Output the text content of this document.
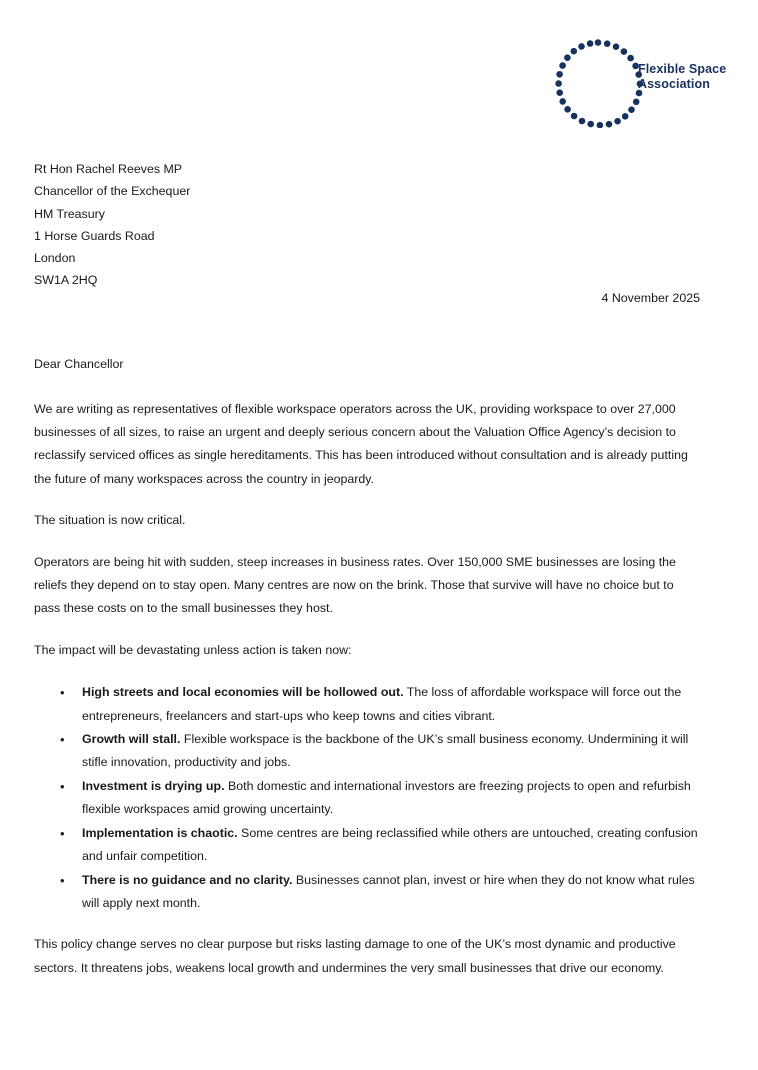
Flexible Space
Association
Rt Hon Rachel Reeves MP
Chancellor of the Exchequer
HM Treasury
1 Horse Guards Road
London
SW1A 2HQ
4 November 2025
Dear Chancellor

We are writing as representatives of flexible workspace operators across the UK, providing workspace to over 27,000 businesses of all sizes, to raise an urgent and deeply serious concern about the Valuation Office Agency’s decision to reclassify serviced offices as single hereditaments. This has been introduced without consultation and is already putting the future of many workspaces across the country in jeopardy.

The situation is now critical.

Operators are being hit with sudden, steep increases in business rates. Over 150,000 SME businesses are losing the reliefs they depend on to stay open. Many centres are now on the brink. Those that survive will have no choice but to pass these costs on to the small businesses they host.

The impact will be devastating unless action is taken now:

• High streets and local economies will be hollowed out. The loss of affordable workspace will force out the entrepreneurs, freelancers and start-ups who keep towns and cities vibrant.
• Growth will stall. Flexible workspace is the backbone of the UK’s small business economy. Undermining it will stifle innovation, productivity and jobs.
• Investment is drying up. Both domestic and international investors are freezing projects to open and refurbish flexible workspaces amid growing uncertainty.
• Implementation is chaotic. Some centres are being reclassified while others are untouched, creating confusion and unfair competition.
• There is no guidance and no clarity. Businesses cannot plan, invest or hire when they do not know what rules will apply next month.

This policy change serves no clear purpose but risks lasting damage to one of the UK’s most dynamic and productive sectors. It threatens jobs, weakens local growth and undermines the very small businesses that drive our economy.
